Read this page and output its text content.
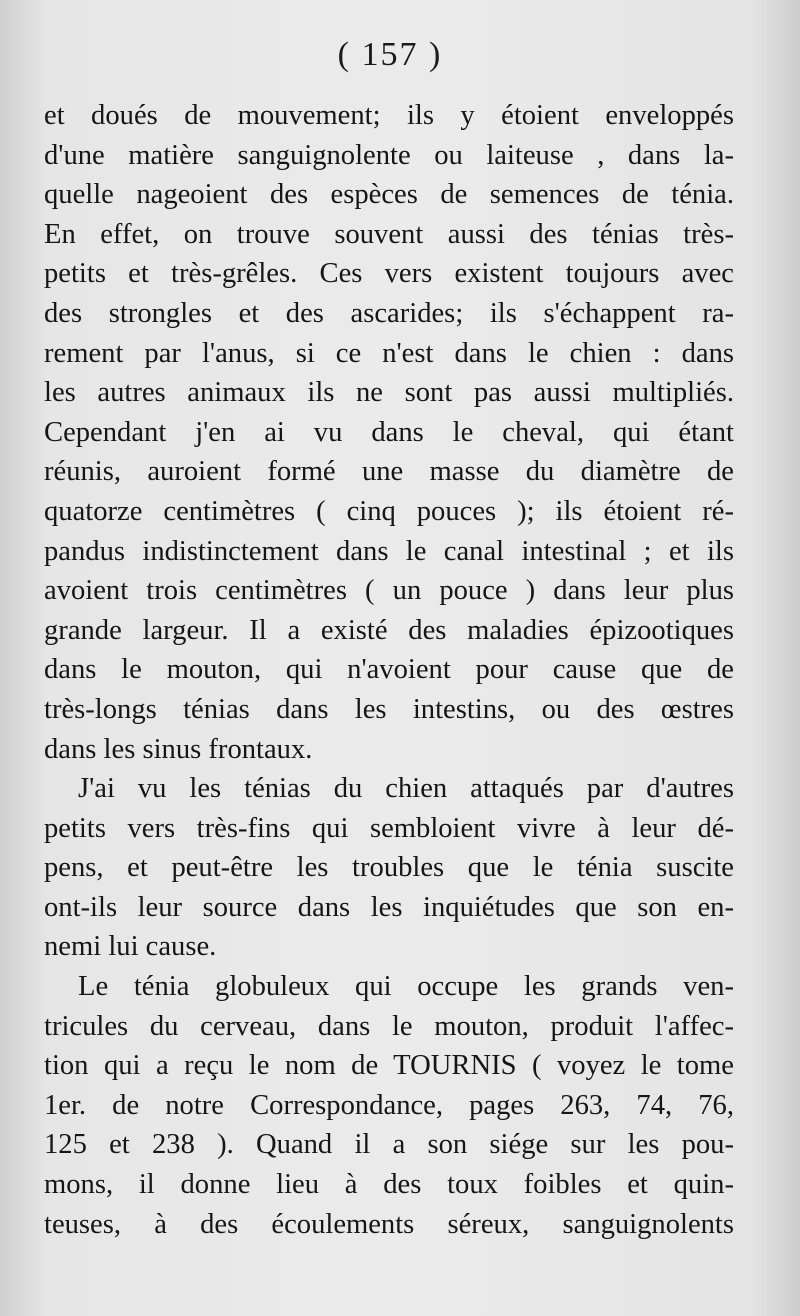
( 157 )
et doués de mouvement; ils y étoient enveloppés
d'une matière sanguignolente ou laiteuse , dans la-
quelle nageoient des espèces de semences de ténia.
En effet, on trouve souvent aussi des ténias très-
petits et très-grêles. Ces vers existent toujours avec
des strongles et des ascarides; ils s'échappent ra-
rement par l'anus, si ce n'est dans le chien : dans
les autres animaux ils ne sont pas aussi multipliés.
Cependant j'en ai vu dans le cheval, qui étant
réunis, auroient formé une masse du diamètre de
quatorze centimètres ( cinq pouces ); ils étoient ré-
pandus indistinctement dans le canal intestinal ; et ils
avoient trois centimètres ( un pouce ) dans leur plus
grande largeur. Il a existé des maladies épizootiques
dans le mouton, qui n'avoient pour cause que de
très-longs ténias dans les intestins, ou des œstres
dans les sinus frontaux.
J'ai vu les ténias du chien attaqués par d'autres
petits vers très-fins qui sembloient vivre à leur dé-
pens, et peut-être les troubles que le ténia suscite
ont-ils leur source dans les inquiétudes que son en-
nemi lui cause.
Le ténia globuleux qui occupe les grands ven-
tricules du cerveau, dans le mouton, produit l'affec-
tion qui a reçu le nom de TOURNIS ( voyez le tome
1er. de notre Correspondance, pages 263, 74, 76,
125 et 238 ). Quand il a son siége sur les pou-
mons, il donne lieu à des toux foibles et quin-
teuses, à des écoulements séreux, sanguignolents
